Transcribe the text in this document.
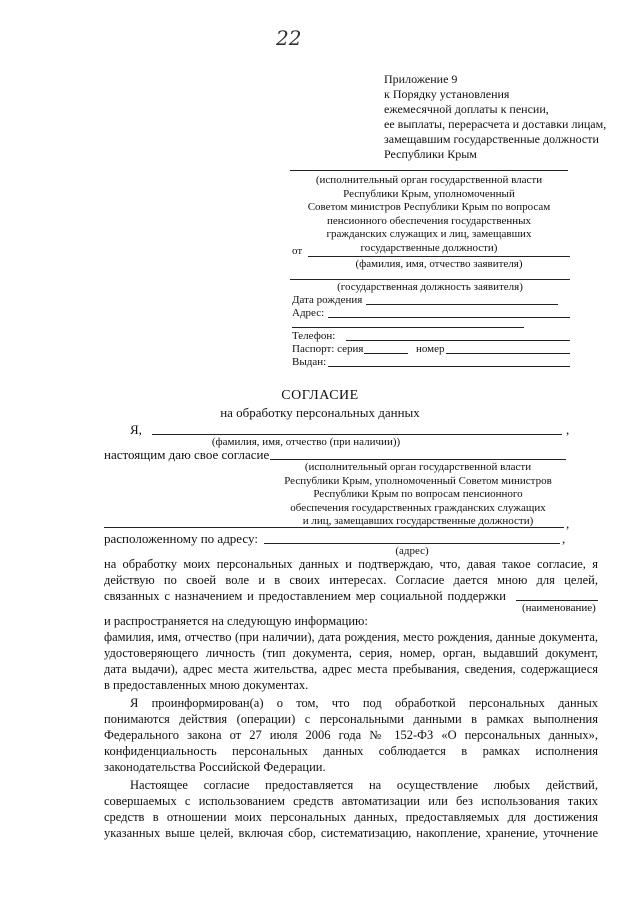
22
Приложение 9
к Порядку установления
ежемесячной доплаты к пенсии,
ее выплаты, перерасчета и доставки лицам,
замещавшим государственные должности
Республики Крым
(исполнительный орган государственной власти
Республики Крым, уполномоченный
Советом министров Республики Крым по вопросам
пенсионного обеспечения государственных
гражданских служащих и лиц, замещавших
государственные должности)
от
(фамилия, имя, отчество заявителя)
(государственная должность заявителя)
Дата рождения
Адрес:
Телефон:
Паспорт: серия	номер
Выдан:
СОГЛАСИЕ
на обработку персональных данных
Я,	,
(фамилия, имя, отчество (при наличии))
настоящим даю свое согласие
(исполнительный орган государственной власти
Республики Крым, уполномоченный Советом министров
Республики Крым по вопросам пенсионного
обеспечения государственных гражданских служащих
и лиц, замещавших государственные должности)	,
расположенному по адресу:	,
(адрес)
на обработку моих персональных данных и подтверждаю, что, давая такое согласие, я
действую по своей воле и в своих интересах. Согласие дается мною для целей,
связанных с назначением и предоставлением мер социальной поддержки
(наименование)
и распространяется на следующую информацию:
фамилия, имя, отчество (при наличии), дата рождения, место рождения, данные документа,
удостоверяющего личность (тип документа, серия, номер, орган, выдавший документ,
дата выдачи), адрес места жительства, адрес места пребывания, сведения, содержащиеся
в предоставленных мною документах.
Я проинформирован(а) о том, что под обработкой персональных данных
понимаются действия (операции) с персональными данными в рамках выполнения
Федерального закона от 27 июля 2006 года № 152-ФЗ «О персональных данных»,
конфиденциальность персональных данных соблюдается в рамках исполнения
законодательства Российской Федерации.
Настоящее согласие предоставляется на осуществление любых действий,
совершаемых с использованием средств автоматизации или без использования таких
средств в отношении моих персональных данных, предоставляемых для достижения
указанных выше целей, включая сбор, систематизацию, накопление, хранение, уточнение
